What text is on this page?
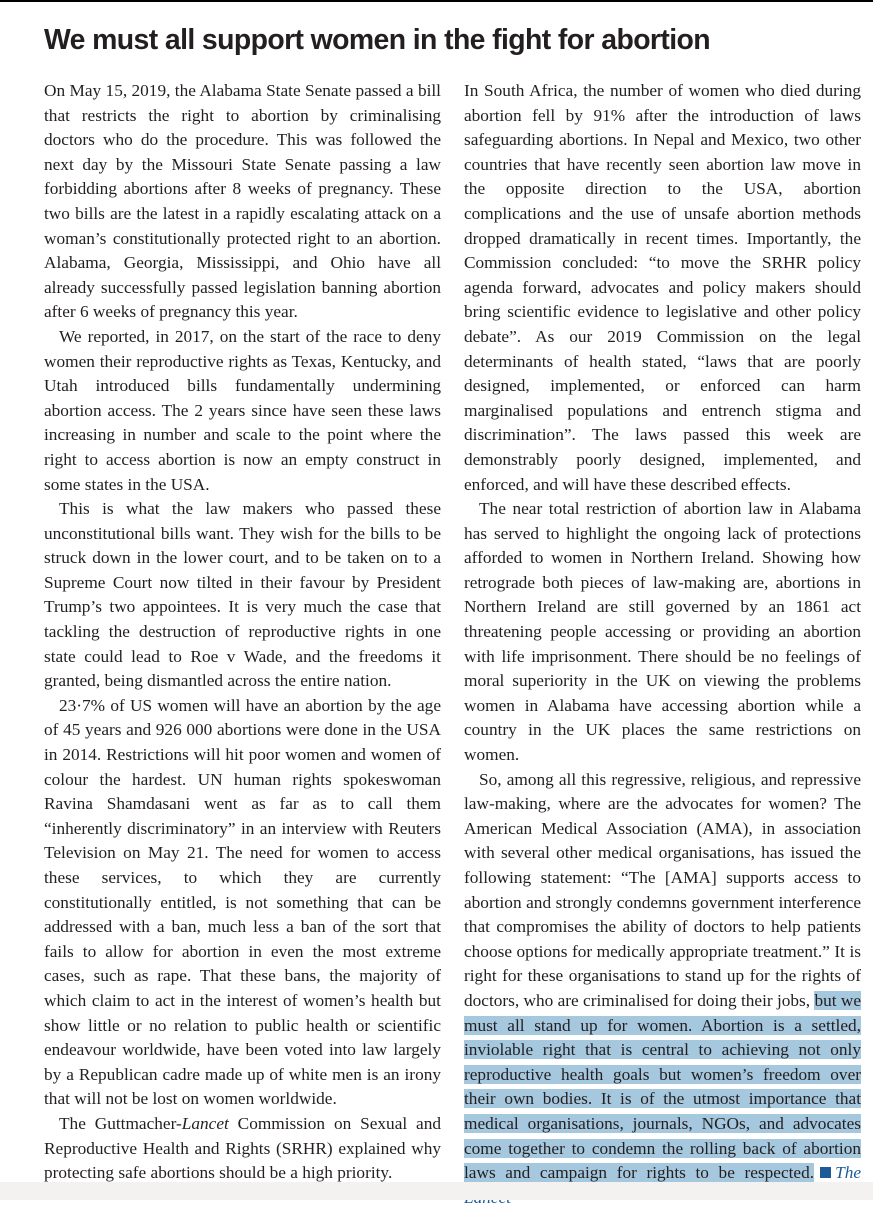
We must all support women in the fight for abortion

On May 15, 2019, the Alabama State Senate passed a bill that restricts the right to abortion by criminalising doctors who do the procedure. This was followed the next day by the Missouri State Senate passing a law forbidding abortions after 8 weeks of pregnancy. These two bills are the latest in a rapidly escalating attack on a woman’s constitutionally protected right to an abortion. Alabama, Georgia, Mississippi, and Ohio have all already successfully passed legislation banning abortion after 6 weeks of pregnancy this year.

We reported, in 2017, on the start of the race to deny women their reproductive rights as Texas, Kentucky, and Utah introduced bills fundamentally undermining abortion access. The 2 years since have seen these laws increasing in number and scale to the point where the right to access abortion is now an empty construct in some states in the USA.

This is what the law makers who passed these unconstitutional bills want. They wish for the bills to be struck down in the lower court, and to be taken on to a Supreme Court now tilted in their favour by President Trump’s two appointees. It is very much the case that tackling the destruction of reproductive rights in one state could lead to Roe v Wade, and the freedoms it granted, being dismantled across the entire nation.

23·7% of US women will have an abortion by the age of 45 years and 926 000 abortions were done in the USA in 2014. Restrictions will hit poor women and women of colour the hardest. UN human rights spokeswoman Ravina Shamdasani went as far as to call them “inherently discriminatory” in an interview with Reuters Television on May 21. The need for women to access these services, to which they are currently constitutionally entitled, is not something that can be addressed with a ban, much less a ban of the sort that fails to allow for abortion in even the most extreme cases, such as rape. That these bans, the majority of which claim to act in the interest of women’s health but show little or no relation to public health or scientific endeavour worldwide, have been voted into law largely by a Republican cadre made up of white men is an irony that will not be lost on women worldwide.

The Guttmacher-Lancet Commission on Sexual and Reproductive Health and Rights (SRHR) explained why protecting safe abortions should be a high priority.

In South Africa, the number of women who died during abortion fell by 91% after the introduction of laws safeguarding abortions. In Nepal and Mexico, two other countries that have recently seen abortion law move in the opposite direction to the USA, abortion complications and the use of unsafe abortion methods dropped dramatically in recent times. Importantly, the Commission concluded: “to move the SRHR policy agenda forward, advocates and policy makers should bring scientific evidence to legislative and other policy debate”. As our 2019 Commission on the legal determinants of health stated, “laws that are poorly designed, implemented, or enforced can harm marginalised populations and entrench stigma and discrimination”. The laws passed this week are demonstrably poorly designed, implemented, and enforced, and will have these described effects.

The near total restriction of abortion law in Alabama has served to highlight the ongoing lack of protections afforded to women in Northern Ireland. Showing how retrograde both pieces of law-making are, abortions in Northern Ireland are still governed by an 1861 act threatening people accessing or providing an abortion with life imprisonment. There should be no feelings of moral superiority in the UK on viewing the problems women in Alabama have accessing abortion while a country in the UK places the same restrictions on women.

So, among all this regressive, religious, and repressive law-making, where are the advocates for women? The American Medical Association (AMA), in association with several other medical organisations, has issued the following statement: “The [AMA] supports access to abortion and strongly condemns government interference that compromises the ability of doctors to help patients choose options for medically appropriate treatment.” It is right for these organisations to stand up for the rights of doctors, who are criminalised for doing their jobs, but we must all stand up for women. Abortion is a settled, inviolable right that is central to achieving not only reproductive health goals but women’s freedom over their own bodies. It is of the utmost importance that medical organisations, journals, NGOs, and advocates come together to condemn the rolling back of abortion laws and campaign for rights to be respected. The
